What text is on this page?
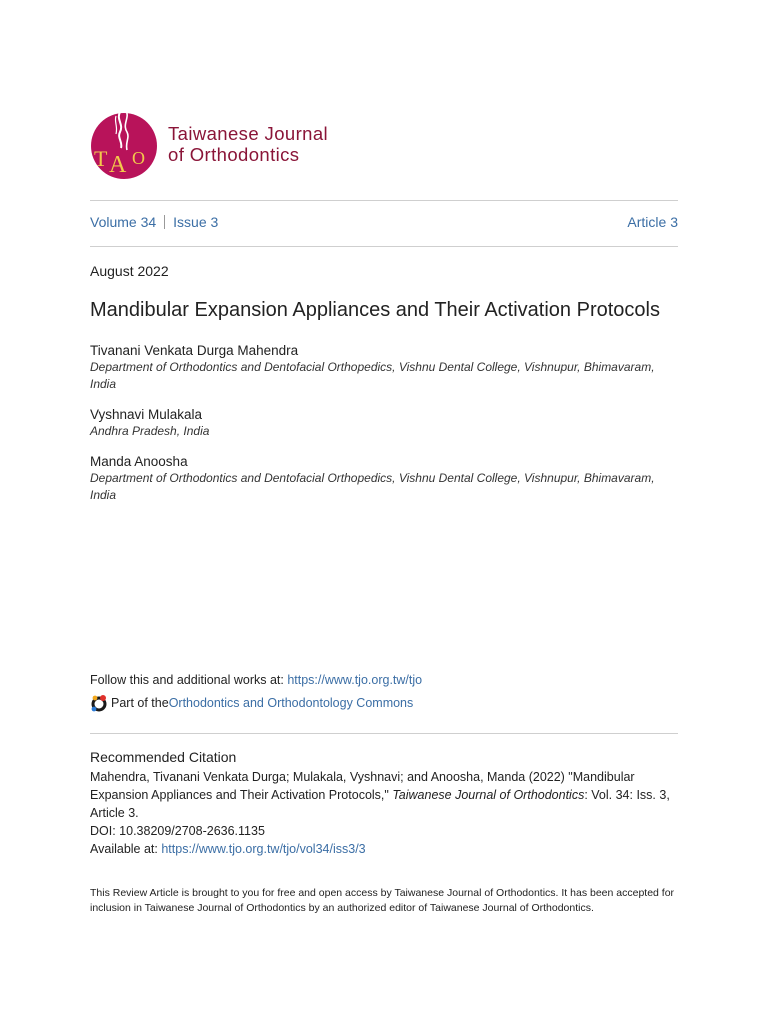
T A O
Taiwanese Journal
of Orthodontics
Volume 34 Issue 3	Article 3
August 2022
Mandibular Expansion Appliances and Their Activation Protocols
Tivanani Venkata Durga Mahendra
Department of Orthodontics and Dentofacial Orthopedics, Vishnu Dental College, Vishnupur, Bhimavaram, India
Vyshnavi Mulakala
Andhra Pradesh, India
Manda Anoosha
Department of Orthodontics and Dentofacial Orthopedics, Vishnu Dental College, Vishnupur, Bhimavaram, India
Follow this and additional works at: https://www.tjo.org.tw/tjo
Part of the Orthodontics and Orthodontology Commons
Recommended Citation

Mahendra, Tivanani Venkata Durga; Mulakala, Vyshnavi; and Anoosha, Manda (2022) "Mandibular Expansion Appliances and Their Activation Protocols," Taiwanese Journal of Orthodontics: Vol. 34: Iss. 3, Article 3.

DOI: 10.38209/2708-2636.1135

Available at: https://www.tjo.org.tw/tjo/vol34/iss3/3

This Review Article is brought to you for free and open access by Taiwanese Journal of Orthodontics. It has been accepted for inclusion in Taiwanese Journal of Orthodontics by an authorized editor of Taiwanese Journal of Orthodontics.
